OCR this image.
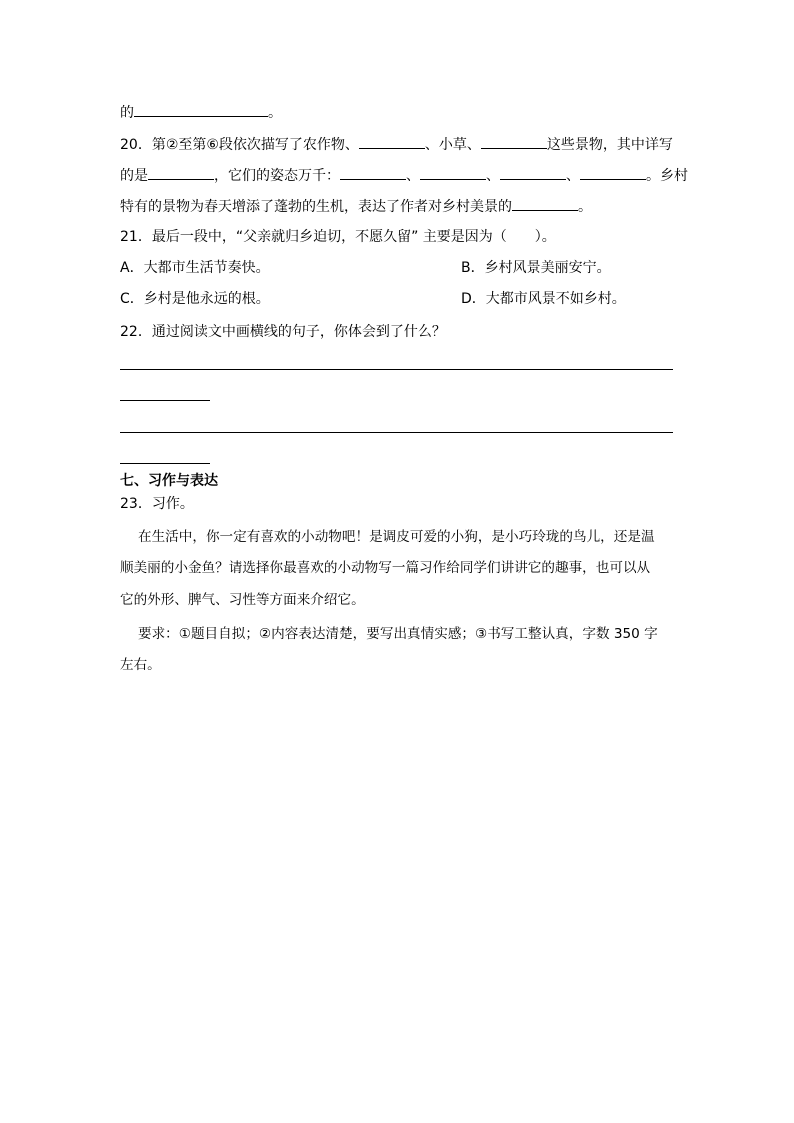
的	。
20．第②至第⑥段依次描写了农作物、	、小草、	这些景物，其中详写
的是	，它们的姿态万千：	、	、	、	。乡村
特有的景物为春天增添了蓬勃的生机，表达了作者对乡村美景的	。
21．最后一段中，“父亲就归乡迫切，不愿久留” 主要是因为（　　）。
A．大都市生活节奏快。	B．乡村风景美丽安宁。
C．乡村是他永远的根。	D．大都市风景不如乡村。
22．通过阅读文中画横线的句子，你体会到了什么？
七、习作与表达
23．习作。
在生活中，你一定有喜欢的小动物吧！是调皮可爱的小狗，是小巧玲珑的鸟儿，还是温
顺美丽的小金鱼？请选择你最喜欢的小动物写一篇习作给同学们讲讲它的趣事，也可以从
它的外形、脾气、习性等方面来介绍它。
要求：①题目自拟；②内容表达清楚，要写出真情实感；③书写工整认真，字数 350 字
左右。
